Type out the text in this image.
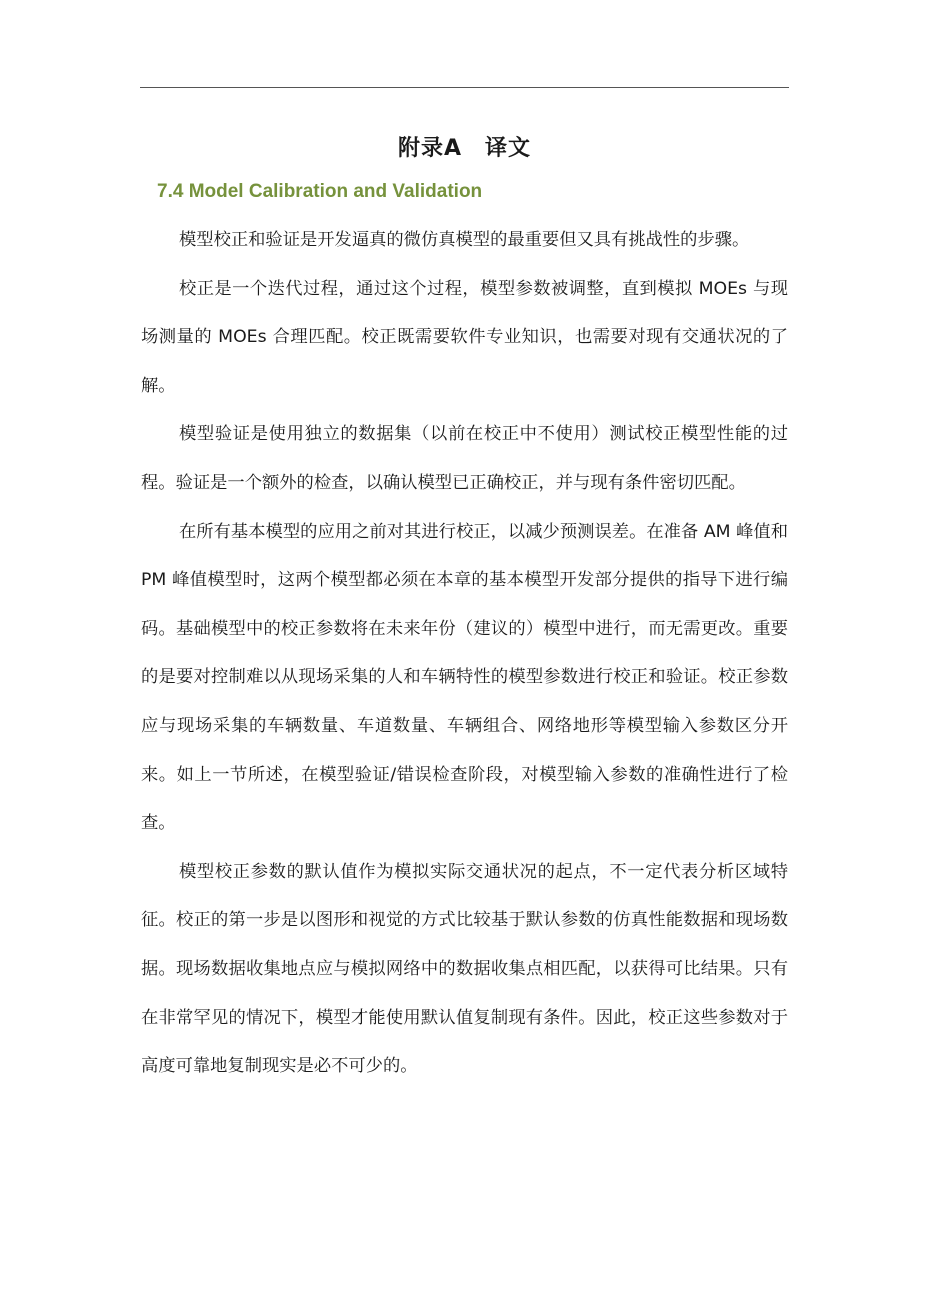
附录A　译文
7.4 Model Calibration and Validation

模型校正和验证是开发逼真的微仿真模型的最重要但又具有挑战性的步骤。

校正是一个迭代过程，通过这个过程，模型参数被调整，直到模拟 MOEs 与现场测量的 MOEs 合理匹配。校正既需要软件专业知识，也需要对现有交通状况的了解。

模型验证是使用独立的数据集（以前在校正中不使用）测试校正模型性能的过程。验证是一个额外的检查，以确认模型已正确校正，并与现有条件密切匹配。

在所有基本模型的应用之前对其进行校正，以减少预测误差。在准备 AM 峰值和 PM 峰值模型时，这两个模型都必须在本章的基本模型开发部分提供的指导下进行编码。基础模型中的校正参数将在未来年份（建议的）模型中进行，而无需更改。重要的是要对控制难以从现场采集的人和车辆特性的模型参数进行校正和验证。校正参数应与现场采集的车辆数量、车道数量、车辆组合、网络地形等模型输入参数区分开来。如上一节所述，在模型验证/错误检查阶段，对模型输入参数的准确性进行了检查。

模型校正参数的默认值作为模拟实际交通状况的起点，不一定代表分析区域特征。校正的第一步是以图形和视觉的方式比较基于默认参数的仿真性能数据和现场数据。现场数据收集地点应与模拟网络中的数据收集点相匹配，以获得可比结果。只有在非常罕见的情况下，模型才能使用默认值复制现有条件。因此，校正这些参数对于高度可靠地复制现实是必不可少的。
